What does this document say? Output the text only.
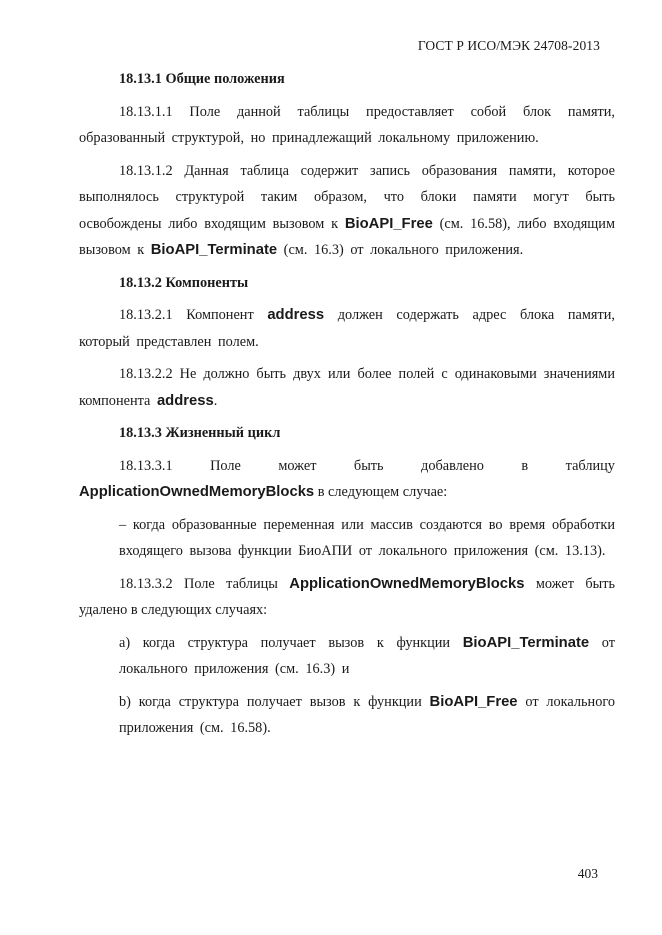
ГОСТ Р ИСО/МЭК 24708-2013

18.13.1 Общие положения

18.13.1.1 Поле данной таблицы предоставляет собой блок памяти, образованный структурой, но принадлежащий локальному приложению.

18.13.1.2 Данная таблица содержит запись образования памяти, которое выполнялось структурой таким образом, что блоки памяти могут быть освобождены либо входящим вызовом к BioAPI_Free (см. 16.58), либо входящим вызовом к BioAPI_Terminate (см. 16.3) от локального приложения.

18.13.2 Компоненты

18.13.2.1 Компонент address должен содержать адрес блока памяти, который представлен полем.

18.13.2.2 Не должно быть двух или более полей с одинаковыми значениями компонента address.

18.13.3 Жизненный цикл

18.13.3.1	Поле	может	быть	добавлено	в	таблицу

ApplicationOwnedMemoryBlocks в следующем случае:

– когда образованные переменная или массив создаются во время обработки входящего вызова функции БиоАПИ от локального приложения (см. 13.13).

18.13.3.2 Поле таблицы ApplicationOwnedMemoryBlocks может быть удалено в следующих случаях:

а) когда структура получает вызов к функции BioAPI_Terminate от локального приложения (см. 16.3) и

b) когда структура получает вызов к функции BioAPI_Free от локального приложения (см. 16.58).

403
